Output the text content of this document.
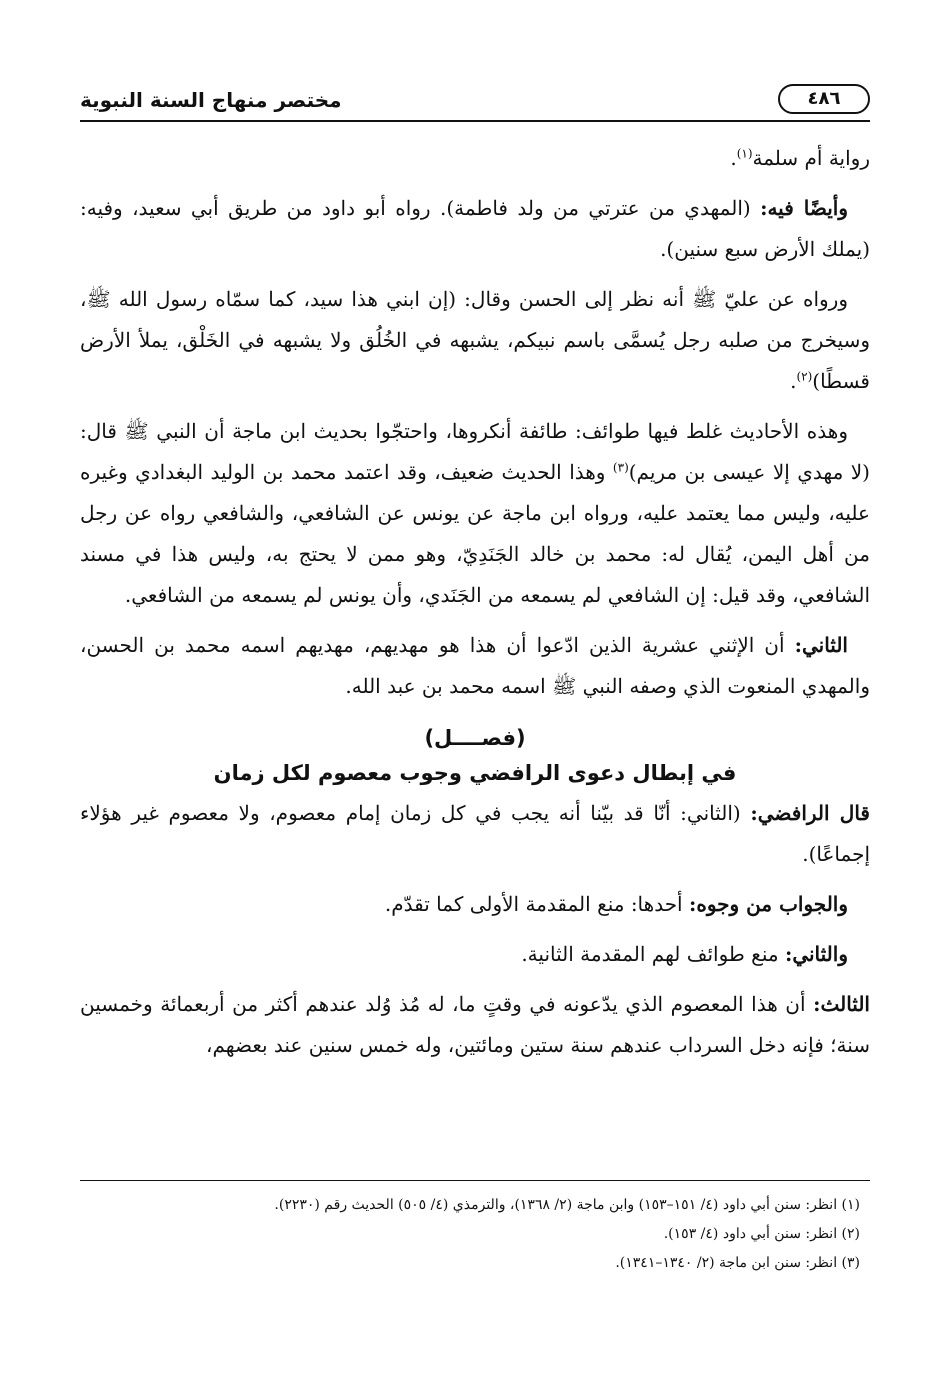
٤٨٦
مختصر منهاج السنة النبوية

رواية أم سلمة$^{(١)}$.

وأيضًا فيه: (المهدي من عترتي من ولد فاطمة). رواه أبو داود من طريق أبي سعيد، وفيه: (يملك الأرض سبع سنين).

ورواه عن عليّ ﷺ أنه نظر إلى الحسن وقال: (إن ابني هذا سيد، كما سمّاه رسول الله ﷺ، وسيخرج من صلبه رجل يُسمَّى باسم نبيكم، يشبهه في الخُلُق ولا يشبهه في الخَلْق، يملأ الأرض قسطًا)$^{(٢)}$.

وهذه الأحاديث غلط فيها طوائف: طائفة أنكروها، واحتجّوا بحديث ابن ماجة أن النبي ﷺ قال: (لا مهدي إلا عيسى بن مريم)$^{(٣)}$ وهذا الحديث ضعيف، وقد اعتمد محمد بن الوليد البغدادي وغيره عليه، وليس مما يعتمد عليه، ورواه ابن ماجة عن يونس عن الشافعي، والشافعي رواه عن رجل من أهل اليمن، يُقال له: محمد بن خالد الجَنَدِيّ، وهو ممن لا يحتج به، وليس هذا في مسند الشافعي، وقد قيل: إن الشافعي لم يسمعه من الجَنَدي، وأن يونس لم يسمعه من الشافعي.

الثاني: أن الإثني عشرية الذين ادّعوا أن هذا هو مهديهم، مهديهم اسمه محمد بن الحسن، والمهدي المنعوت الذي وصفه النبي ﷺ اسمه محمد بن عبد الله.

(فصــــل)
في إبطال دعوى الرافضي وجوب معصوم لكل زمان

قال الرافضي: (الثاني: أنّا قد بيّنا أنه يجب في كل زمان إمام معصوم، ولا معصوم غير هؤلاء إجماعًا).

والجواب من وجوه: أحدها: منع المقدمة الأولى كما تقدّم.

والثاني: منع طوائف لهم المقدمة الثانية.

الثالث: أن هذا المعصوم الذي يدّعونه في وقتٍ ما، له مُذ وُلد عندهم أكثر من أربعمائة وخمسين سنة؛ فإنه دخل السرداب عندهم سنة ستين ومائتين، وله خمس سنين عند بعضهم،

(١) انظر: سنن أبي داود (٤/ ١٥١–١٥٣) وابن ماجة (٢/ ١٣٦٨)، والترمذي (٤/ ٥٠٥) الحديث رقم (٢٢٣٠).
(٢) انظر: سنن أبي داود (٤/ ١٥٣).
(٣) انظر: سنن ابن ماجة (٢/ ١٣٤٠–١٣٤١).
